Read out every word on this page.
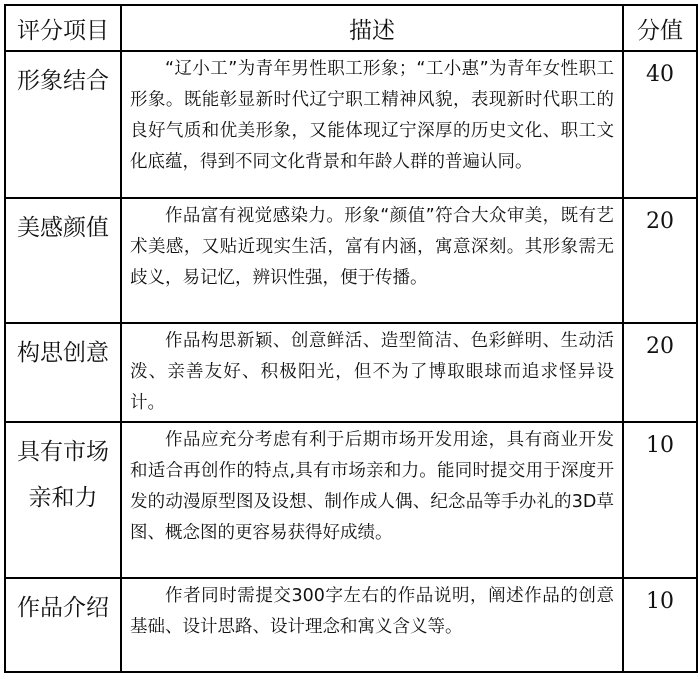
评分项目	描述	分值
形象结合	“辽小工”为青年男性职工形象；“工小惠”为青年女性职工形象。既能彰显新时代辽宁职工精神风貌，表现新时代职工的良好气质和优美形象，又能体现辽宁深厚的历史文化、职工文化底蕴，得到不同文化背景和年龄人群的普遍认同。	40
美感颜值	作品富有视觉感染力。形象“颜值”符合大众审美，既有艺术美感，又贴近现实生活，富有内涵，寓意深刻。其形象需无歧义，易记忆，辨识性强，便于传播。	20
构思创意	作品构思新颖、创意鲜活、造型简洁、色彩鲜明、生动活泼、亲善友好、积极阳光，但不为了博取眼球而追求怪异设计。	20
具有市场亲和力	作品应充分考虑有利于后期市场开发用途，具有商业开发和适合再创作的特点,具有市场亲和力。能同时提交用于深度开发的动漫原型图及设想、制作成人偶、纪念品等手办礼的3D草图、概念图的更容易获得好成绩。	10
作品介绍	作者同时需提交300字左右的作品说明，阐述作品的创意基础、设计思路、设计理念和寓义含义等。	10
